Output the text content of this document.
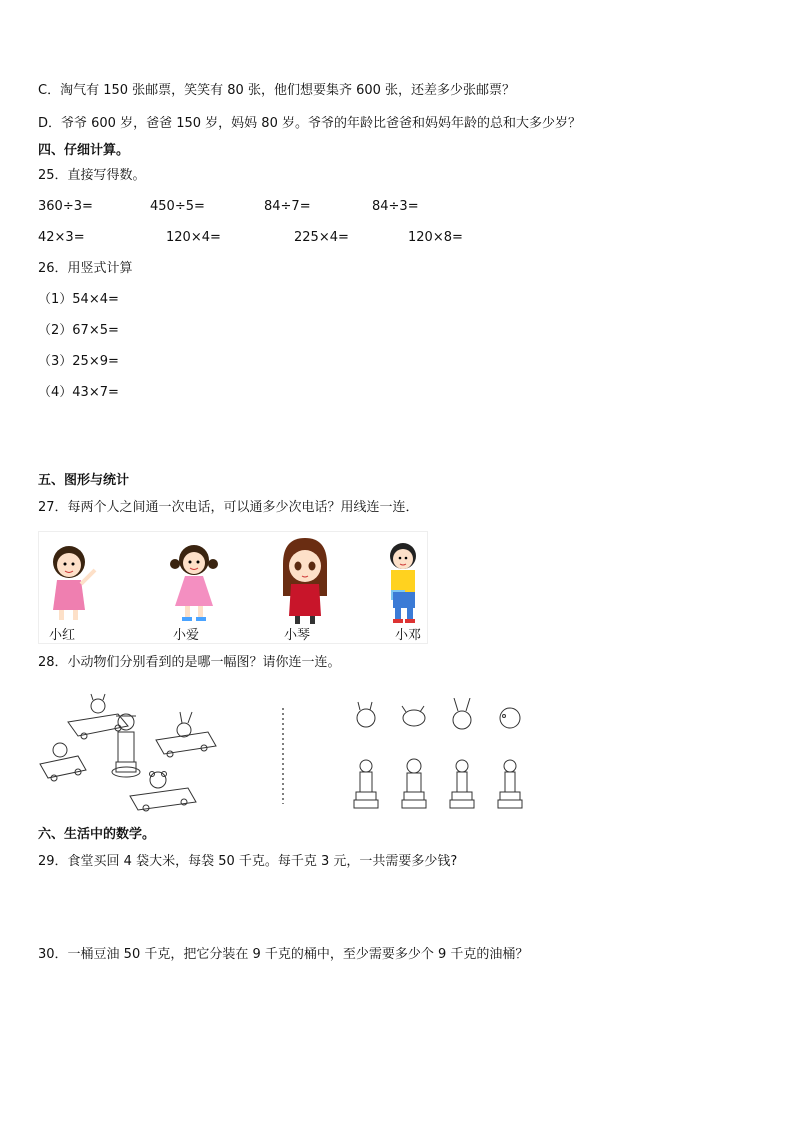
C．淘气有 150 张邮票，笑笑有 80 张，他们想要集齐 600 张，还差多少张邮票？
D．爷爷 600 岁，爸爸 150 岁，妈妈 80 岁。爷爷的年龄比爸爸和妈妈年龄的总和大多少岁？
四、仔细计算。
25．直接写得数。
360÷3=	450÷5=	84÷7=	84÷3=
42×3=	120×4=	225×4=	120×8=
26．用竖式计算
（1）54×4=
（2）67×5=
（3）25×9=
（4）43×7=
五、图形与统计
27．每两个人之间通一次电话，可以通多少次电话？用线连一连．
小红	小爱	小琴	小邓
28．小动物们分别看到的是哪一幅图？请你连一连。
六、生活中的数学。
29．食堂买回 4 袋大米，每袋 50 千克。每千克 3 元，一共需要多少钱?
30．一桶豆油 50 千克，把它分装在 9 千克的桶中，至少需要多少个 9 千克的油桶？
